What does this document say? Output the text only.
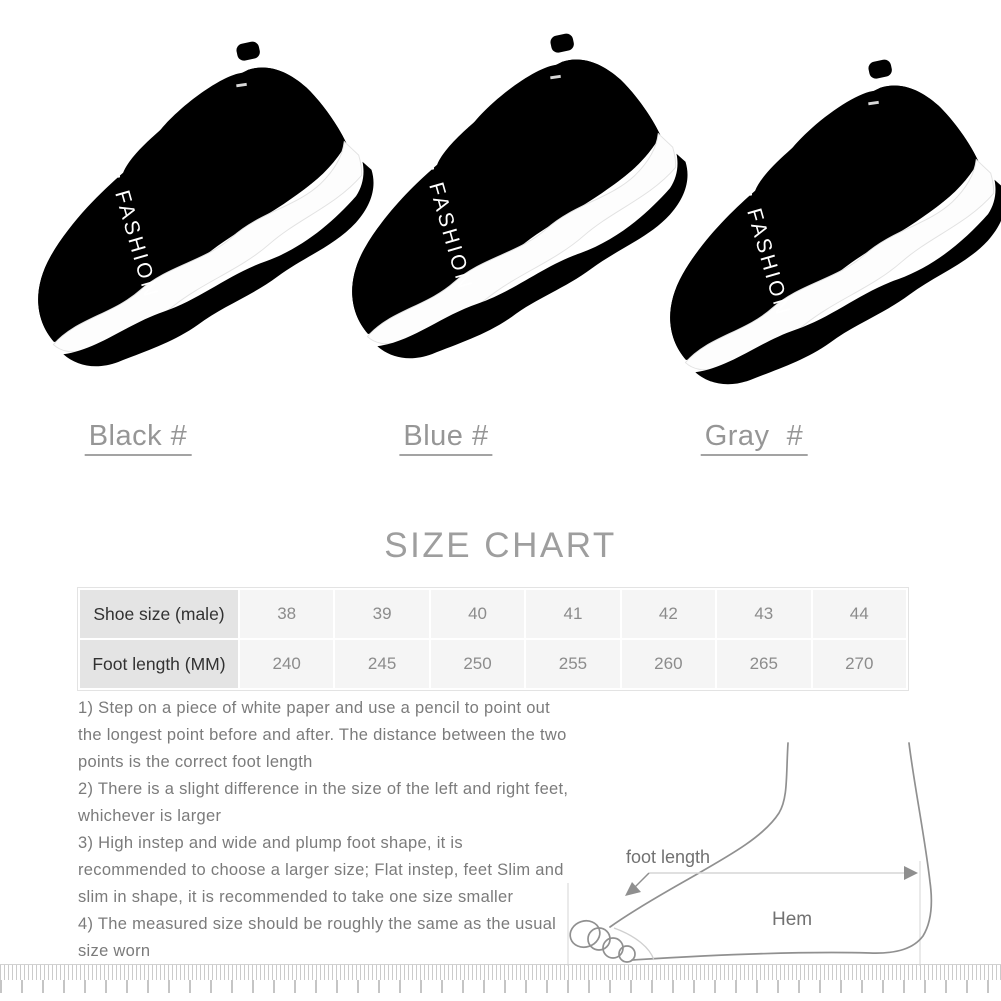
FASHION	FASHION	FASHION
Black #	Blue #	Gray  #
SIZE CHART
Shoe size (male)	38	39	40	41	42	43	44
Foot length (MM)	240	245	250	255	260	265	270
1) Step on a piece of white paper and use a pencil to point out
the longest point before and after. The distance between the two
points is the correct foot length
2) There is a slight difference in the size of the left and right feet,
whichever is larger
3) High instep and wide and plump foot shape, it is
recommended to choose a larger size; Flat instep, feet Slim and
slim in shape, it is recommended to take one size smaller
4) The measured size should be roughly the same as the usual
size worn
foot length
Hem
